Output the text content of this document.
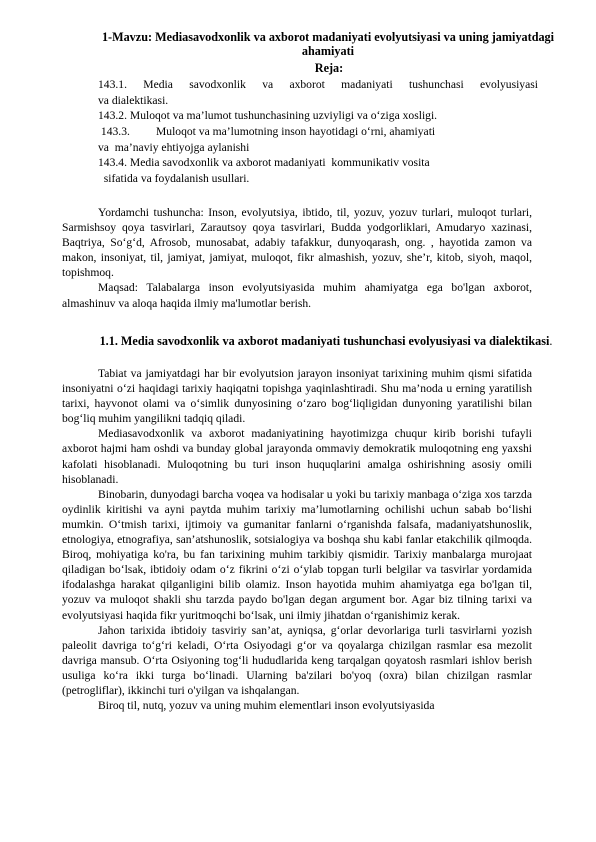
1-Mavzu: Mediasavodxonlik va axborot madaniyati evolyutsiyasi va uning jamiyatdagi ahamiyati
Reja:
143.1. Media savodxonlik va axborot madaniyati tushunchasi evolyusiyasi
va dialektikasi.
143.2. Muloqot va ma’lumot tushunchasining uzviyligi va o‘ziga xosligi.
143.3.         Muloqot va ma’lumotning inson hayotidagi o‘rni, ahamiyati
va  ma’naviy ehtiyojga aylanishi
143.4. Media savodxonlik va axborot madaniyati  kommunikativ vosita
sifatida va foydalanish usullari.

Yordamchi tushuncha: Inson, evolyutsiya, ibtido, til, yozuv, yozuv turlari, muloqot turlari, Sarmishsoy qoya tasvirlari, Zarautsoy qoya tasvirlari, Budda yodgorliklari, Amudaryo xazinasi, Baqtriya, So‘g‘d, Afrosob, munosabat, adabiy tafakkur, dunyoqarash, ong. , hayotida zamon va makon, insoniyat, til, jamiyat, jamiyat, muloqot, fikr almashish, yozuv, she’r, kitob, siyoh, maqol, topishmoq.

Maqsad: Talabalarga inson evolyutsiyasida muhim ahamiyatga ega bo'lgan axborot, almashinuv va aloqa haqida ilmiy ma'lumotlar berish.

1.1. Media savodxonlik va axborot madaniyati tushunchasi evolyusiyasi va dialektikasi.

Tabiat va jamiyatdagi har bir evolyutsion jarayon insoniyat tarixining muhim qismi sifatida insoniyatni o‘zi haqidagi tarixiy haqiqatni topishga yaqinlashtiradi. Shu ma’noda u erning yaratilish tarixi, hayvonot olami va o‘simlik dunyosining o‘zaro bog‘liqligidan dunyoning yaratilishi bilan bog‘liq muhim yangilikni tadqiq qiladi.

Mediasavodxonlik va axborot madaniyatining hayotimizga chuqur kirib borishi tufayli axborot hajmi ham oshdi va bunday global jarayonda ommaviy demokratik muloqotning eng yaxshi kafolati hisoblanadi. Muloqotning bu turi inson huquqlarini amalga oshirishning asosiy omili hisoblanadi.

Binobarin, dunyodagi barcha voqea va hodisalar u yoki bu tarixiy manbaga o‘ziga xos tarzda oydinlik kiritishi va ayni paytda muhim tarixiy ma’lumotlarning ochilishi uchun sabab bo‘lishi mumkin. O‘tmish tarixi, ijtimoiy va gumanitar fanlarni o‘rganishda falsafa, madaniyatshunoslik, etnologiya, etnografiya, san’atshunoslik, sotsialogiya va boshqa shu kabi fanlar etakchilik qilmoqda. Biroq, mohiyatiga ko'ra, bu fan tarixining muhim tarkibiy qismidir. Tarixiy manbalarga murojaat qiladigan bo‘lsak, ibtidoiy odam o‘z fikrini o‘zi o‘ylab topgan turli belgilar va tasvirlar yordamida ifodalashga harakat qilganligini bilib olamiz. Inson hayotida muhim ahamiyatga ega bo'lgan til, yozuv va muloqot shakli shu tarzda paydo bo'lgan degan argument bor. Agar biz tilning tarixi va evolyutsiyasi haqida fikr yuritmoqchi bo‘lsak, uni ilmiy jihatdan o‘rganishimiz kerak.

Jahon tarixida ibtidoiy tasviriy san’at, ayniqsa, g‘orlar devorlariga turli tasvirlarni yozish paleolit davriga to‘g‘ri keladi, O‘rta Osiyodagi g‘or va qoyalarga chizilgan rasmlar esa mezolit davriga mansub. O‘rta Osiyoning tog‘li hududlarida keng tarqalgan qoyatosh rasmlari ishlov berish usuliga ko‘ra ikki turga bo‘linadi. Ularning ba'zilari bo'yoq (oxra) bilan chizilgan rasmlar (petrogliflar), ikkinchi turi o'yilgan va ishqalangan.

Biroq til, nutq, yozuv va uning muhim elementlari inson evolyutsiyasida
